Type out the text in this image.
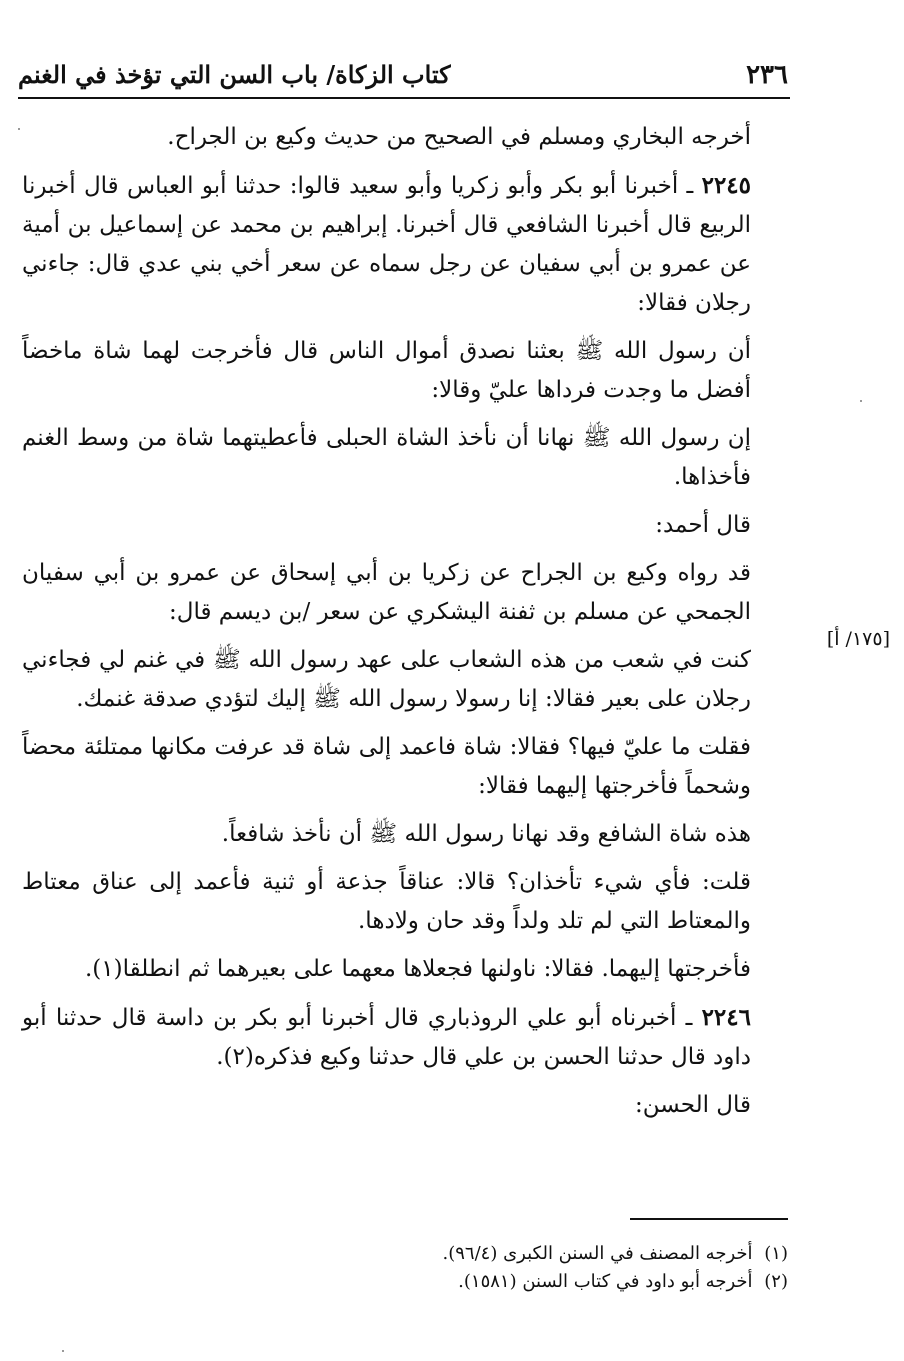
٢٣٦
كتاب الزكاة/ باب السن التي تؤخذ في الغنم

أخرجه البخاري ومسلم في الصحيح من حديث وكيع بن الجراح.

٢٢٤٥ ـ أخبرنا أبو بكر وأبو زكريا وأبو سعيد قالوا: حدثنا أبو العباس قال أخبرنا الربيع قال أخبرنا الشافعي قال أخبرنا. إبراهيم بن محمد عن إسماعيل بن أمية عن عمرو بن أبي سفيان عن رجل سماه عن سعر أخي بني عدي قال: جاءني رجلان فقالا:

أن رسول الله ﷺ بعثنا نصدق أموال الناس قال فأخرجت لهما شاة ماخضاً أفضل ما وجدت فرداها عليّ وقالا:

إن رسول الله ﷺ نهانا أن نأخذ الشاة الحبلى فأعطيتهما شاة من وسط الغنم فأخذاها.

قال أحمد:

قد رواه وكيع بن الجراح عن زكريا بن أبي إسحاق عن عمرو بن أبي سفيان الجمحي عن مسلم بن ثفنة اليشكري عن سعر /بن ديسم قال:

كنت في شعب من هذه الشعاب على عهد رسول الله ﷺ في غنم لي فجاءني رجلان على بعير فقالا: إنا رسولا رسول الله ﷺ إليك لتؤدي صدقة غنمك.

فقلت ما عليّ فيها؟ فقالا: شاة فاعمد إلى شاة قد عرفت مكانها ممتلئة محضاً وشحماً فأخرجتها إليهما فقالا:

هذه شاة الشافع وقد نهانا رسول الله ﷺ أن نأخذ شافعاً.

قلت: فأي شيء تأخذان؟ قالا: عناقاً جذعة أو ثنية فأعمد إلى عناق معتاط والمعتاط التي لم تلد ولداً وقد حان ولادها.

فأخرجتها إليهما. فقالا: ناولنها فجعلاها معهما على بعيرهما ثم انطلقا(١).

٢٢٤٦ ـ أخبرناه أبو علي الروذباري قال أخبرنا أبو بكر بن داسة قال حدثنا أبو داود قال حدثنا الحسن بن علي قال حدثنا وكيع فذكره(٢).

قال الحسن:

[١٧٥/ أ]

(١) أخرجه المصنف في السنن الكبرى (٩٦/٤).

(٢) أخرجه أبو داود في كتاب السنن (١٥٨١).
